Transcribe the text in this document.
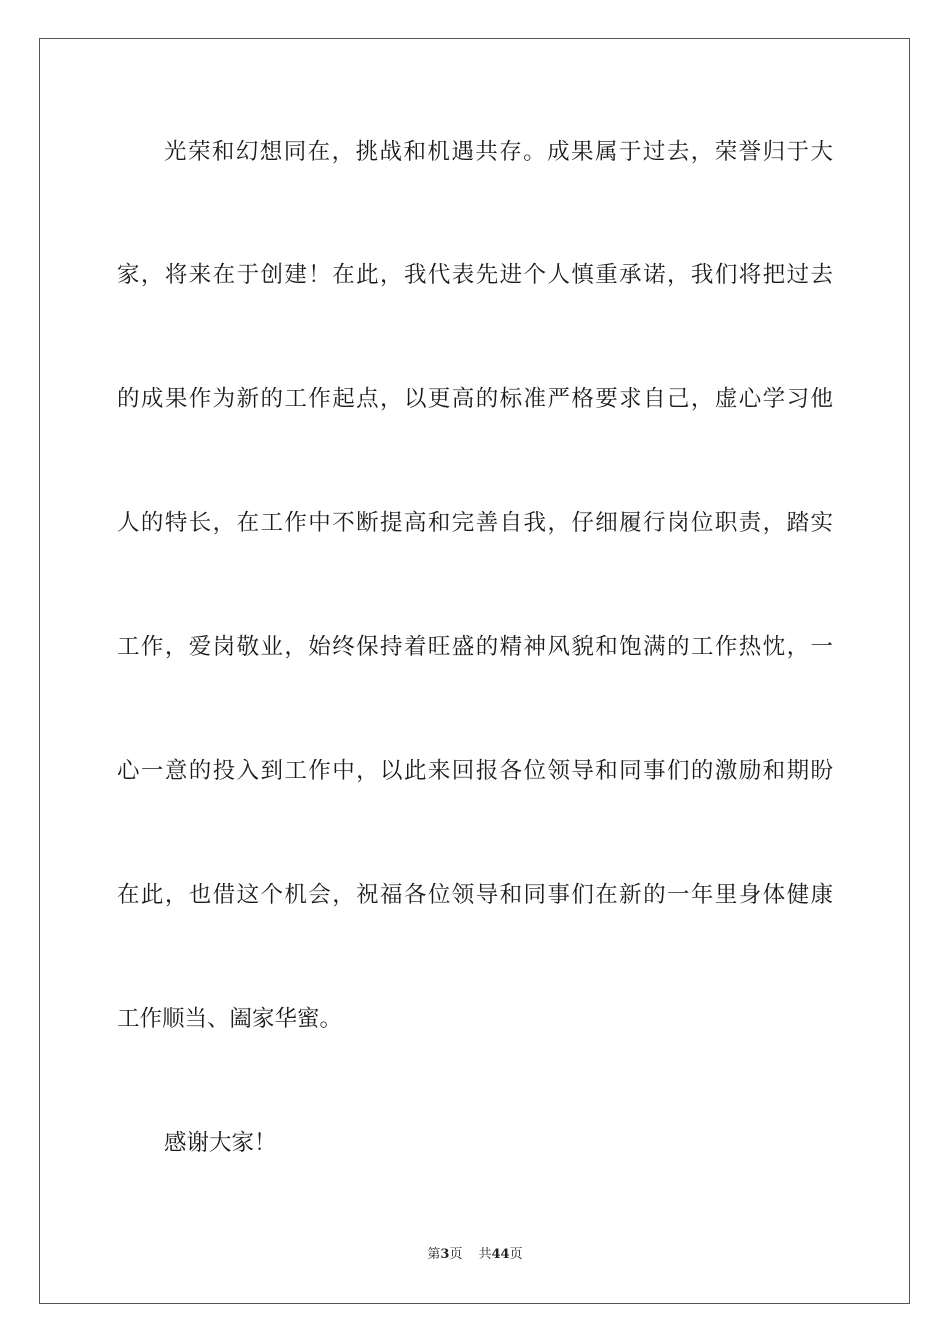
光荣和幻想同在，挑战和机遇共存。成果属于过去，荣誉归于大
家，将来在于创建！在此，我代表先进个人慎重承诺，我们将把过去
的成果作为新的工作起点，以更高的标准严格要求自己，虚心学习他
人的特长，在工作中不断提高和完善自我，仔细履行岗位职责，踏实
工作，爱岗敬业，始终保持着旺盛的精神风貌和饱满的工作热忱，一
心一意的投入到工作中，以此来回报各位领导和同事们的激励和期盼
在此，也借这个机会，祝福各位领导和同事们在新的一年里身体健康
工作顺当、阖家华蜜。
感谢大家！
第3页 共44页
